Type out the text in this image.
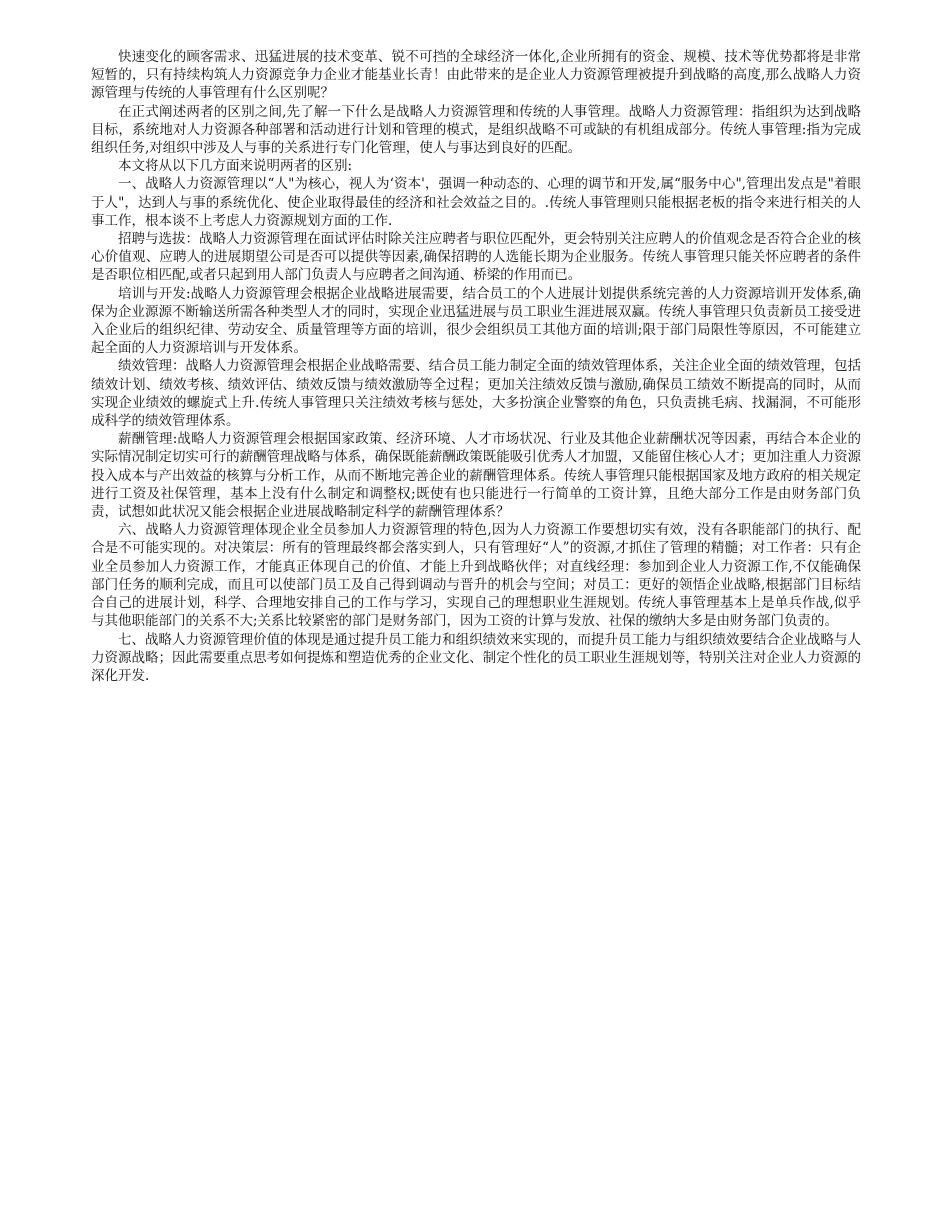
快速变化的顾客需求、迅猛进展的技术变革、锐不可挡的全球经济一体化,企业所拥有的资金、规模、技术等优势都将是非常短暂的，只有持续构筑人力资源竞争力企业才能基业长青！由此带来的是企业人力资源管理被提升到战略的高度,那么战略人力资源管理与传统的人事管理有什么区别呢？

在正式阐述两者的区别之间,先了解一下什么是战略人力资源管理和传统的人事管理。战略人力资源管理：指组织为达到战略目标，系统地对人力资源各种部署和活动进行计划和管理的模式，是组织战略不可或缺的有机组成部分。传统人事管理:指为完成组织任务,对组织中涉及人与事的关系进行专门化管理，使人与事达到良好的匹配。

本文将从以下几方面来说明两者的区别:

一、战略人力资源管理以“人"为核心，视人为‘资本'，强调一种动态的、心理的调节和开发,属“服务中心",管理出发点是"着眼于人"，达到人与事的系统优化、使企业取得最佳的经济和社会效益之目的。.传统人事管理则只能根据老板的指令来进行相关的人事工作，根本谈不上考虑人力资源规划方面的工作.

招聘与选拔：战略人力资源管理在面试评估时除关注应聘者与职位匹配外，更会特别关注应聘人的价值观念是否符合企业的核心价值观、应聘人的进展期望公司是否可以提供等因素,确保招聘的人选能长期为企业服务。传统人事管理只能关怀应聘者的条件是否职位相匹配,或者只起到用人部门负责人与应聘者之间沟通、桥梁的作用而已。

培训与开发:战略人力资源管理会根据企业战略进展需要，结合员工的个人进展计划提供系统完善的人力资源培训开发体系,确保为企业源源不断输送所需各种类型人才的同时，实现企业迅猛进展与员工职业生涯进展双赢。传统人事管理只负责新员工接受进入企业后的组织纪律、劳动安全、质量管理等方面的培训，很少会组织员工其他方面的培训;限于部门局限性等原因，不可能建立起全面的人力资源培训与开发体系。

绩效管理：战略人力资源管理会根据企业战略需要、结合员工能力制定全面的绩效管理体系，关注企业全面的绩效管理，包括绩效计划、绩效考核、绩效评估、绩效反馈与绩效激励等全过程；更加关注绩效反馈与激励,确保员工绩效不断提高的同时，从而实现企业绩效的螺旋式上升.传统人事管理只关注绩效考核与惩处，大多扮演企业警察的角色，只负责挑毛病、找漏洞，不可能形成科学的绩效管理体系。

薪酬管理:战略人力资源管理会根据国家政策、经济环境、人才市场状况、行业及其他企业薪酬状况等因素，再结合本企业的实际情况制定切实可行的薪酬管理战略与体系，确保既能薪酬政策既能吸引优秀人才加盟，又能留住核心人才；更加注重人力资源投入成本与产出效益的核算与分析工作，从而不断地完善企业的薪酬管理体系。传统人事管理只能根据国家及地方政府的相关规定进行工资及社保管理，基本上没有什么制定和调整权;既使有也只能进行一行简单的工资计算，且绝大部分工作是由财务部门负责，试想如此状况又能会根据企业进展战略制定科学的薪酬管理体系？

六、战略人力资源管理体现企业全员参加人力资源管理的特色,因为人力资源工作要想切实有效，没有各职能部门的执行、配合是不可能实现的。对决策层：所有的管理最终都会落实到人，只有管理好“人”的资源,才抓住了管理的精髓；对工作者：只有企业全员参加人力资源工作，才能真正体现自己的价值、才能上升到战略伙伴；对直线经理：参加到企业人力资源工作,不仅能确保部门任务的顺利完成，而且可以使部门员工及自己得到调动与晋升的机会与空间；对员工：更好的领悟企业战略,根据部门目标结合自己的进展计划，科学、合理地安排自己的工作与学习，实现自己的理想职业生涯规划。传统人事管理基本上是单兵作战,似乎与其他职能部门的关系不大;关系比较紧密的部门是财务部门，因为工资的计算与发放、社保的缴纳大多是由财务部门负责的。

七、战略人力资源管理价值的体现是通过提升员工能力和组织绩效来实现的，而提升员工能力与组织绩效要结合企业战略与人力资源战略；因此需要重点思考如何提炼和塑造优秀的企业文化、制定个性化的员工职业生涯规划等，特别关注对企业人力资源的深化开发.
